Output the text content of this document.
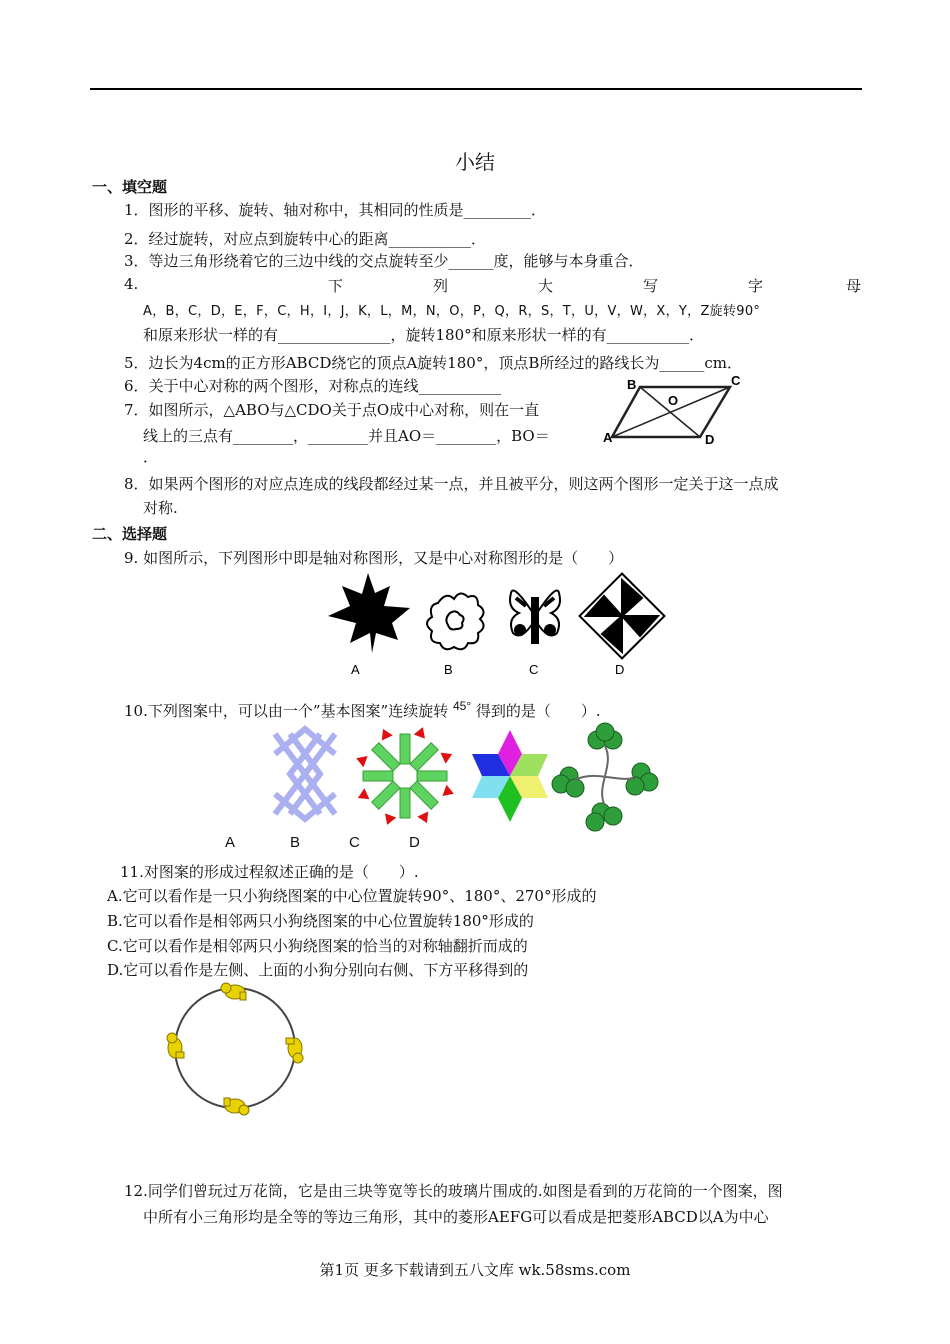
小结
一、填空题
1．图形的平移、旋转、轴对称中，其相同的性质是_________．
2．经过旋转，对应点到旋转中心的距离___________．
3．等边三角形绕着它的三边中线的交点旋转至少______度，能够与本身重合．
4.	下	列	大	写	字	母
A，B，C，D，E，F，C，H，I，J，K，L，M，N，O，P，Q，R，S，T，U，V，W，X，Y，Z旋转90°
和原来形状一样的有_______________，旋转180°和原来形状一样的有___________．
5．边长为4cm的正方形ABCD绕它的顶点A旋转180°，顶点B所经过的路线长为______cm．
6．关于中心对称的两个图形，对称点的连线___________
7．如图所示，△ABO与△CDO关于点O成中心对称，则在一直
线上的三点有________，________并且AO＝________，BO＝
．
B	C
O
A	D
8．如果两个图形的对应点连成的线段都经过某一点，并且被平分，则这两个图形一定关于这一点成
对称.
二、选择题
9. 如图所示，下列图形中即是轴对称图形，又是中心对称图形的是（　　）
A	B	C	D
10.下列图案中，可以由一个”基本图案”连续旋转 $^{45^\circ}$ 得到的是（　　）.
A	B	C	D
11.对图案的形成过程叙述正确的是（　　）.
A.它可以看作是一只小狗绕图案的中心位置旋转90°、180°、270°形成的
B.它可以看作是相邻两只小狗绕图案的中心位置旋转180°形成的
C.它可以看作是相邻两只小狗绕图案的恰当的对称轴翻折而成的
D.它可以看作是左侧、上面的小狗分别向右侧、下方平移得到的
12.同学们曾玩过万花筒，它是由三块等宽等长的玻璃片围成的.如图是看到的万花筒的一个图案，图
中所有小三角形均是全等的等边三角形，其中的菱形AEFG可以看成是把菱形ABCD以A为中心
第1页 更多下载请到五八文库 wk.58sms.com
